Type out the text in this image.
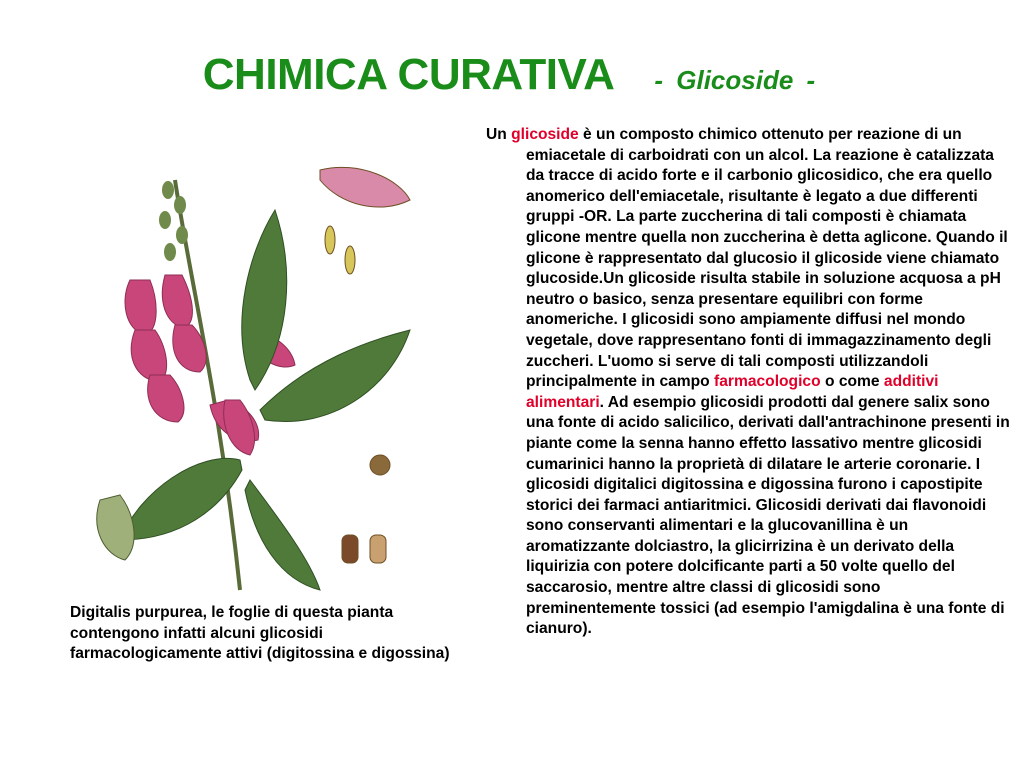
CHIMICA CURATIVA - Glicoside -

Un glicoside è un composto chimico ottenuto per reazione di un emiacetale di carboidrati con un alcol. La reazione è catalizzata da tracce di acido forte e il carbonio glicosidico, che era quello anomerico dell'emiacetale, risultante è legato a due differenti gruppi -OR. La parte zuccherina di tali composti è chiamata glicone mentre quella non zuccherina è detta aglicone. Quando il glicone è rappresentato dal glucosio il glicoside viene chiamato glucoside.Un glicoside risulta stabile in soluzione acquosa a pH neutro o basico, senza presentare equilibri con forme anomeriche. I glicosidi sono ampiamente diffusi nel mondo vegetale, dove rappresentano fonti di immagazzinamento degli zuccheri. L'uomo si serve di tali composti utilizzandoli principalmente in campo farmacologico o come additivi alimentari. Ad esempio glicosidi prodotti dal genere salix sono una fonte di acido salicilico, derivati dall'antrachinone presenti in piante come la senna hanno effetto lassativo mentre glicosidi cumarinici hanno la proprietà di dilatare le arterie coronarie. I glicosidi digitalici digitossina e digossina furono i capostipite storici dei farmaci antiaritmici. Glicosidi derivati dai flavonoidi sono conservanti alimentari e la glucovanillina è un aromatizzante dolciastro, la glicirrizina è un derivato della liquirizia con potere dolcificante parti a 50 volte quello del saccarosio, mentre altre classi di glicosidi sono preminentemente tossici (ad esempio l'amigdalina è una fonte di cianuro).

Digitalis purpurea, le foglie di questa pianta contengono infatti alcuni glicosidi farmacologicamente attivi (digitossina e digossina)
